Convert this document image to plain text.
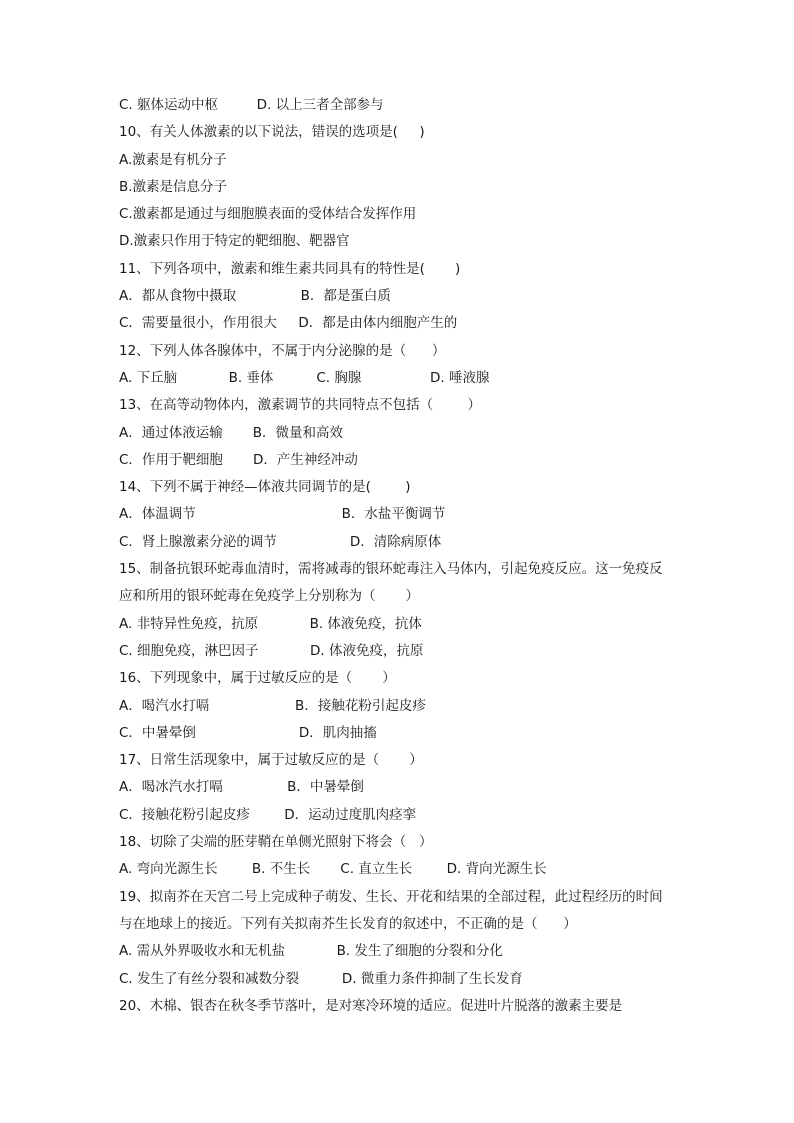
C. 躯体运动中枢         D. 以上三者全部参与
10、有关人体激素的以下说法，错误的选项是(     )
A.激素是有机分子
B.激素是信息分子
C.激素都是通过与细胞膜表面的受体结合发挥作用
D.激素只作用于特定的靶细胞、靶器官
11、下列各项中，激素和维生素共同具有的特性是(       )
A．都从食物中摄取               B．都是蛋白质
C．需要量很小，作用很大     D．都是由体内细胞产生的
12、下列人体各腺体中，不属于内分泌腺的是（      ）
A. 下丘脑            B. 垂体          C. 胸腺                D. 唾液腺
13、在高等动物体内，激素调节的共同特点不包括（        ）
A．通过体液运输       B．微量和高效
C．作用于靶细胞       D．产生神经冲动
14、下列不属于神经—体液共同调节的是(        )
A．体温调节                                  B．水盐平衡调节
C．肾上腺激素分泌的调节                 D．清除病原体
15、制备抗银环蛇毒血清时，需将减毒的银环蛇毒注入马体内，引起免疫反应。这一免疫反
应和所用的银环蛇毒在免疫学上分别称为（       ）
A. 非特异性免疫，抗原            B. 体液免疫，抗体
C. 细胞免疫，淋巴因子            D. 体液免疫，抗原
16、下列现象中，属于过敏反应的是（       ）
A．喝汽水打嗝                    B．接触花粉引起皮疹
C．中暑晕倒                        D．肌肉抽搐
17、日常生活现象中，属于过敏反应的是（       ）
A．喝冰汽水打嗝               B．中暑晕倒
C．接触花粉引起皮疹        D．运动过度肌肉痉挛
18、切除了尖端的胚芽鞘在单侧光照射下将会（   ）
A. 弯向光源生长        B. 不生长       C. 直立生长        D. 背向光源生长
19、拟南芥在天宫二号上完成种子萌发、生长、开花和结果的全部过程，此过程经历的时间
与在地球上的接近。下列有关拟南芥生长发育的叙述中，不正确的是（      ）
A. 需从外界吸收水和无机盐            B. 发生了细胞的分裂和分化
C. 发生了有丝分裂和减数分裂          D. 微重力条件抑制了生长发育
20、木棉、银杏在秋冬季节落叶，是对寒冷环境的适应。促进叶片脱落的激素主要是
